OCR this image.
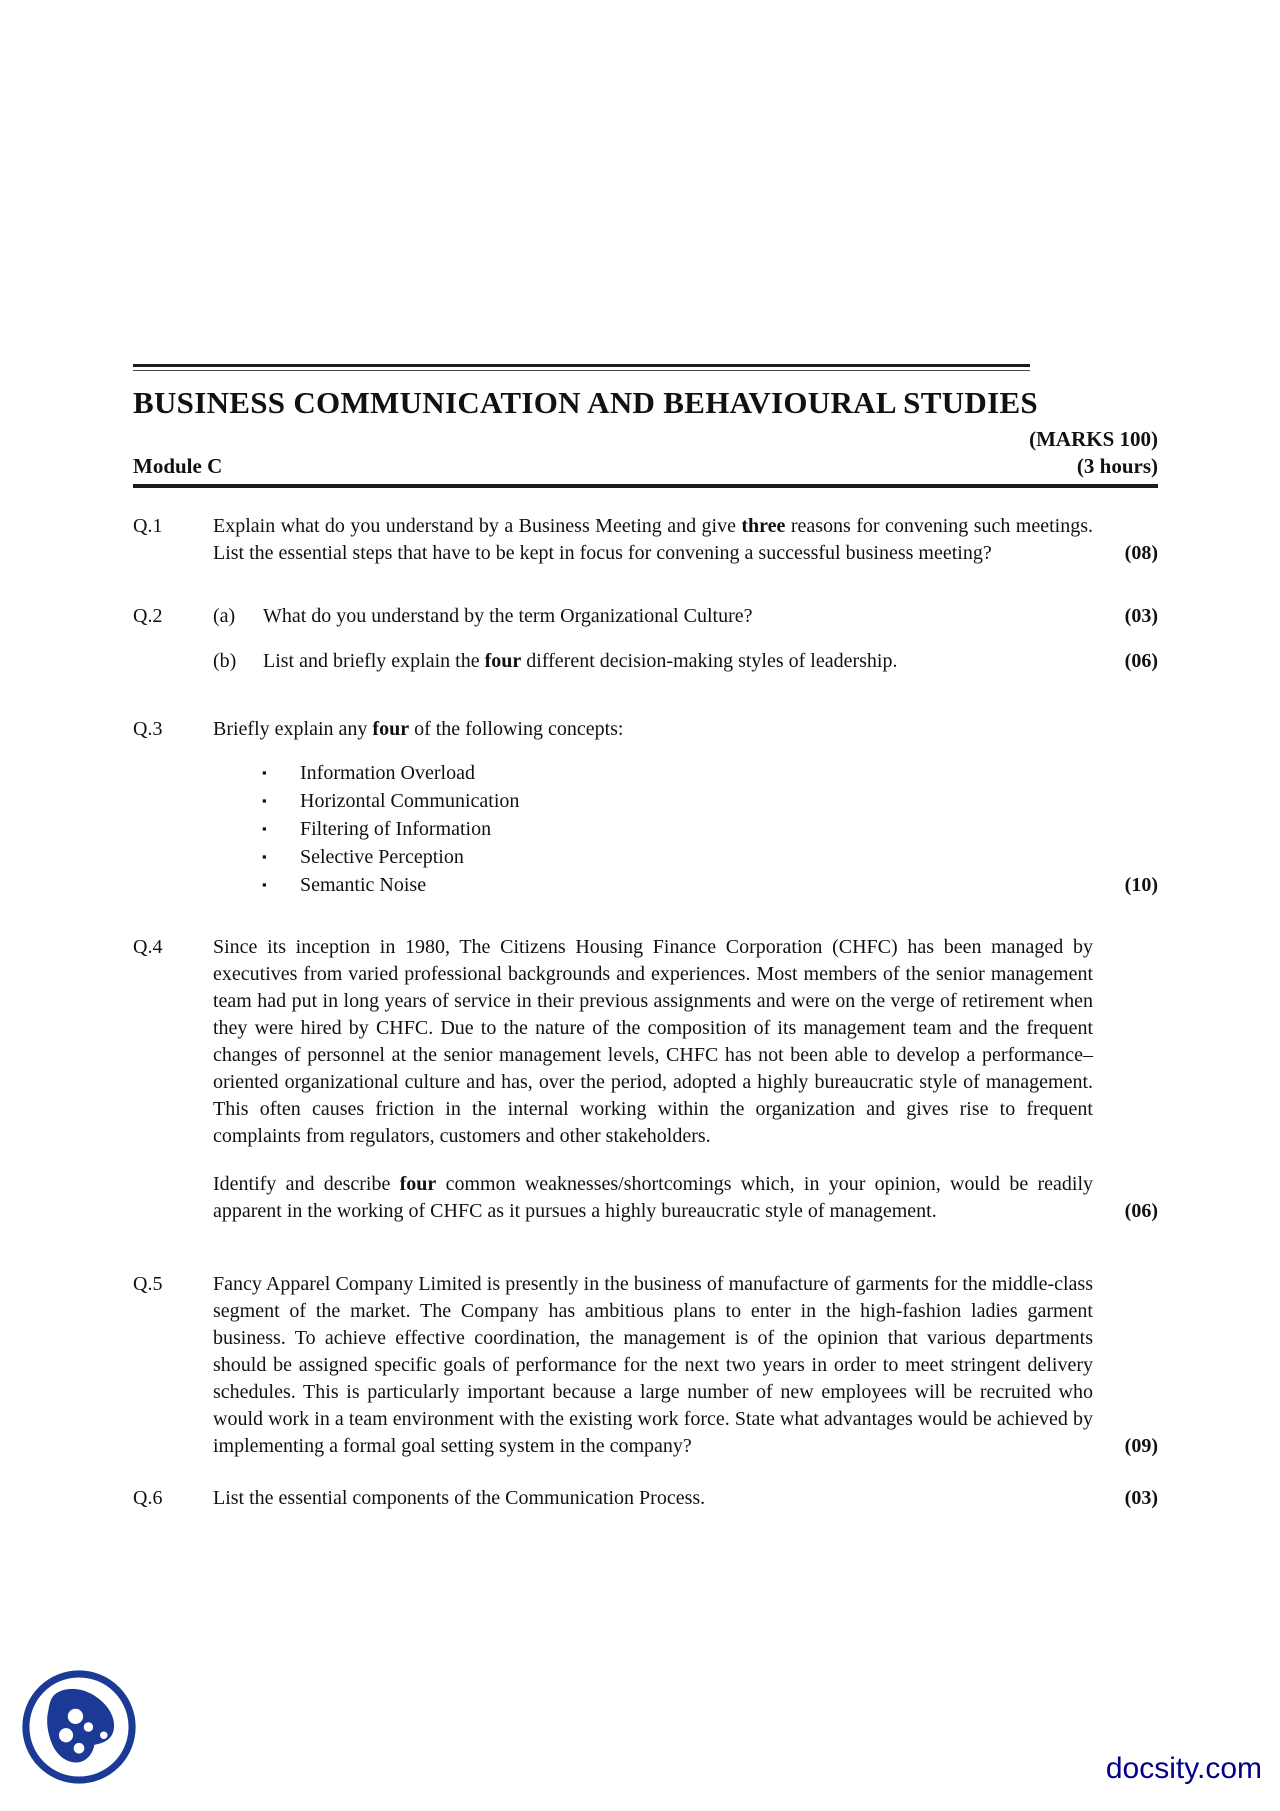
BUSINESS COMMUNICATION AND BEHAVIOURAL STUDIES
(MARKS 100)
Module C	(3 hours)
Q.1	Explain what do you understand by a Business Meeting and give three reasons for convening such meetings. List the essential steps that have to be kept in focus for convening a successful business meeting?	(08)
Q.2	(a)	What do you understand by the term Organizational Culture?	(03)
(b)	List and briefly explain the four different decision-making styles of leadership.	(06)
Q.3	Briefly explain any four of the following concepts:
▪	Information Overload
▪	Horizontal Communication
▪	Filtering of Information
▪	Selective Perception
▪	Semantic Noise	(10)
Q.4	Since its inception in 1980, The Citizens Housing Finance Corporation (CHFC) has been managed by executives from varied professional backgrounds and experiences. Most members of the senior management team had put in long years of service in their previous assignments and were on the verge of retirement when they were hired by CHFC. Due to the nature of the composition of its management team and the frequent changes of personnel at the senior management levels, CHFC has not been able to develop a performance–oriented organizational culture and has, over the period, adopted a highly bureaucratic style of management. This often causes friction in the internal working within the organization and gives rise to frequent complaints from regulators, customers and other stakeholders.
Identify and describe four common weaknesses/shortcomings which, in your opinion, would be readily apparent in the working of CHFC as it pursues a highly bureaucratic style of management.	(06)
Q.5	Fancy Apparel Company Limited is presently in the business of manufacture of garments for the middle-class segment of the market. The Company has ambitious plans to enter in the high-fashion ladies garment business. To achieve effective coordination, the management is of the opinion that various departments should be assigned specific goals of performance for the next two years in order to meet stringent delivery schedules. This is particularly important because a large number of new employees will be recruited who would work in a team environment with the existing work force. State what advantages would be achieved by implementing a formal goal setting system in the company?	(09)
Q.6	List the essential components of the Communication Process.	(03)
docsity.com
